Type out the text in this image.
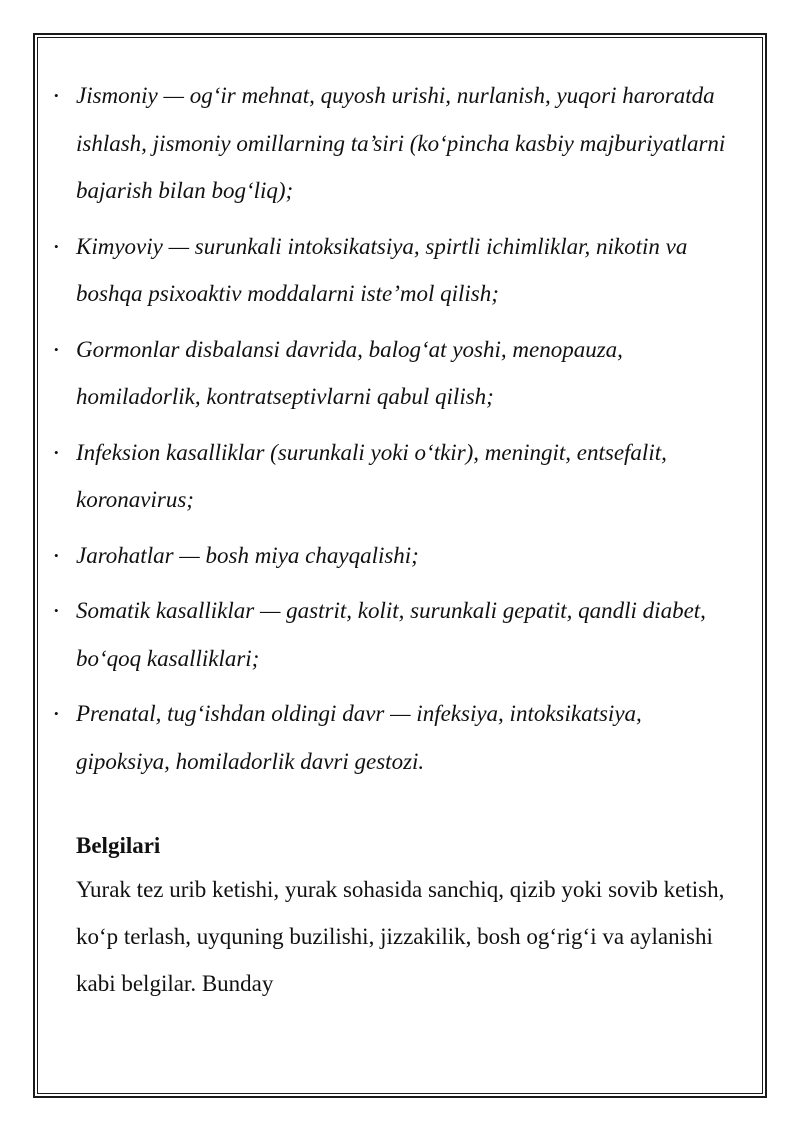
• Jismoniy — og‘ir mehnat, quyosh urishi, nurlanish, yuqori haroratda ishlash, jismoniy omillarning ta’siri (ko‘pincha kasbiy majburiyatlarni bajarish bilan bog‘liq);
• Kimyoviy — surunkali intoksikatsiya, spirtli ichimliklar, nikotin va boshqa psixoaktiv moddalarni iste’mol qilish;
• Gormonlar disbalansi davrida, balog‘at yoshi, menopauza, homiladorlik, kontratseptivlarni qabul qilish;
• Infeksion kasalliklar (surunkali yoki o‘tkir), meningit, entsefalit, koronavirus;
• Jarohatlar — bosh miya chayqalishi;
• Somatik kasalliklar — gastrit, kolit, surunkali gepatit, qandli diabet, bo‘qoq kasalliklari;
• Prenatal, tug‘ishdan oldingi davr — infeksiya, intoksikatsiya, gipoksiya, homiladorlik davri gestozi.

Belgilari

Yurak tez urib ketishi, yurak sohasida sanchiq, qizib yoki sovib ketish, ko‘p terlash, uyquning buzilishi, jizzakilik, bosh og‘rig‘i va aylanishi kabi belgilar. Bunday
